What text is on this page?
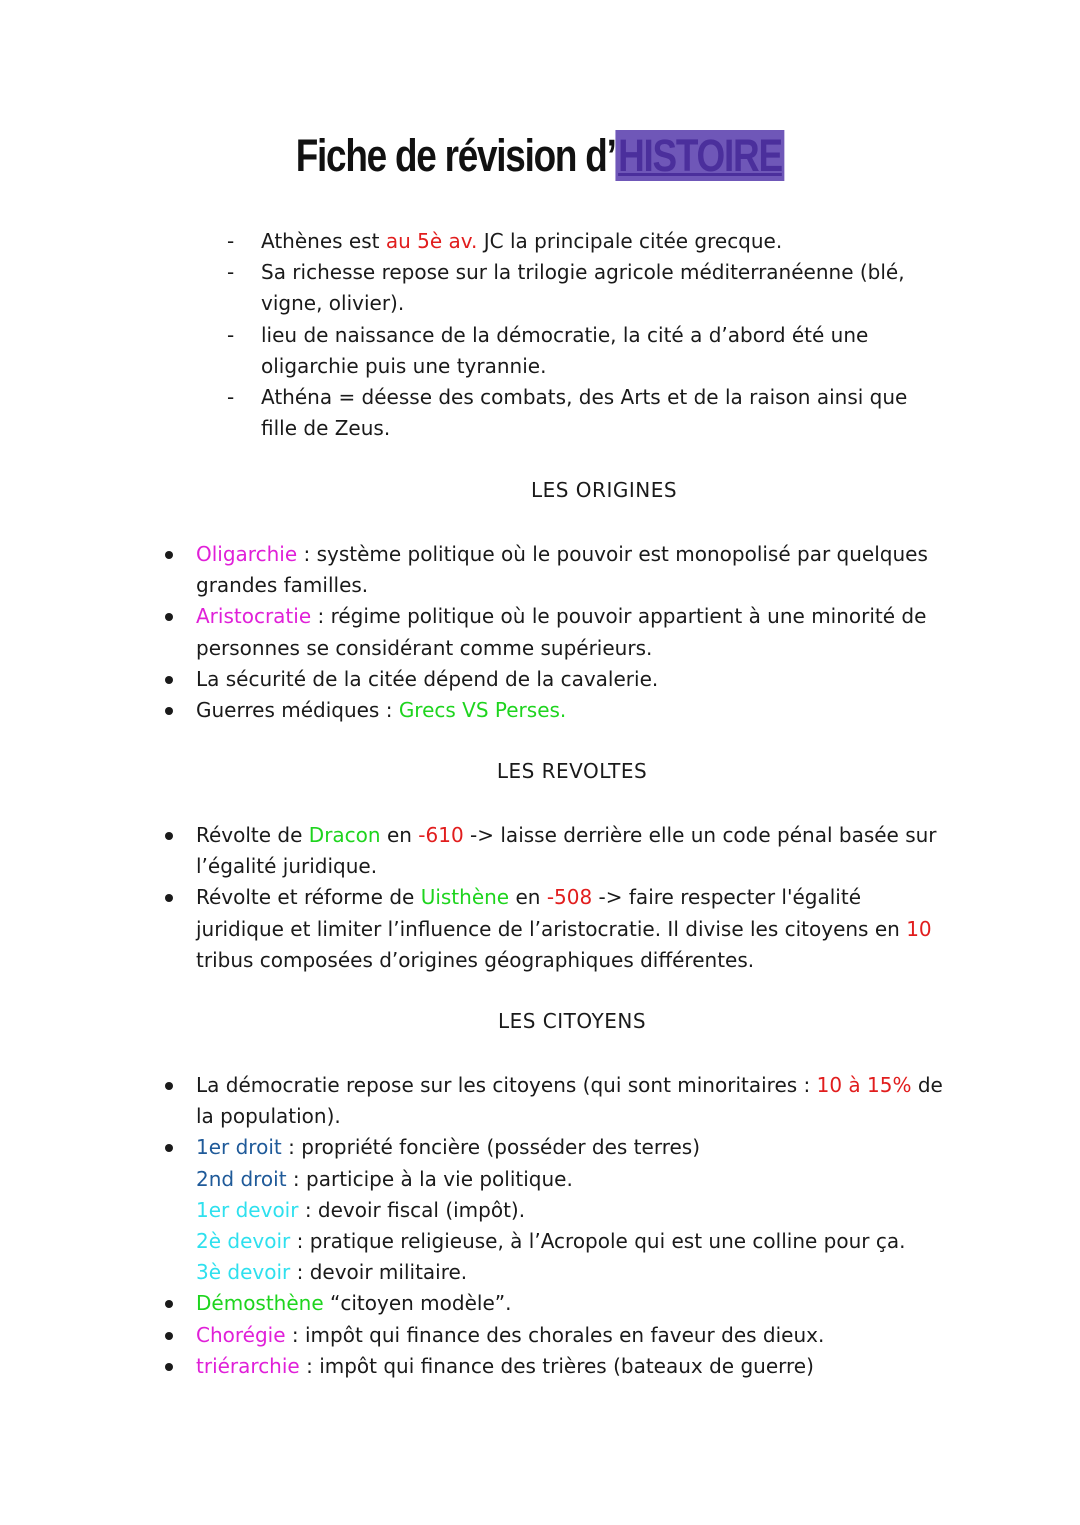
Fiche de révision d’HISTOIRE
- Athènes est au 5è av. JC la principale citée grecque.
- Sa richesse repose sur la trilogie agricole méditerranéenne (blé, vigne, olivier).
- lieu de naissance de la démocratie, la cité a d’abord été une oligarchie puis une tyrannie.
- Athéna = déesse des combats, des Arts et de la raison ainsi que fille de Zeus.
LES ORIGINES
Oligarchie : système politique où le pouvoir est monopolisé par quelques grandes familles.
Aristocratie : régime politique où le pouvoir appartient à une minorité de personnes se considérant comme supérieurs.
La sécurité de la citée dépend de la cavalerie.
Guerres médiques : Grecs VS Perses.
LES REVOLTES
Révolte de Dracon en -610 -> laisse derrière elle un code pénal basée sur l’égalité juridique.
Révolte et réforme de Uisthène en -508 -> faire respecter l'égalité juridique et limiter l’influence de l’aristocratie. Il divise les citoyens en 10 tribus composées d’origines géographiques différentes.
LES CITOYENS
La démocratie repose sur les citoyens (qui sont minoritaires : 10 à 15% de la population).
1er droit : propriété foncière (posséder des terres)
2nd droit : participe à la vie politique.
1er devoir : devoir fiscal (impôt).
2è devoir : pratique religieuse, à l’Acropole qui est une colline pour ça.
3è devoir : devoir militaire.
Démosthène “citoyen modèle”.
Chorégie : impôt qui finance des chorales en faveur des dieux.
triérarchie : impôt qui finance des trières (bateaux de guerre)
